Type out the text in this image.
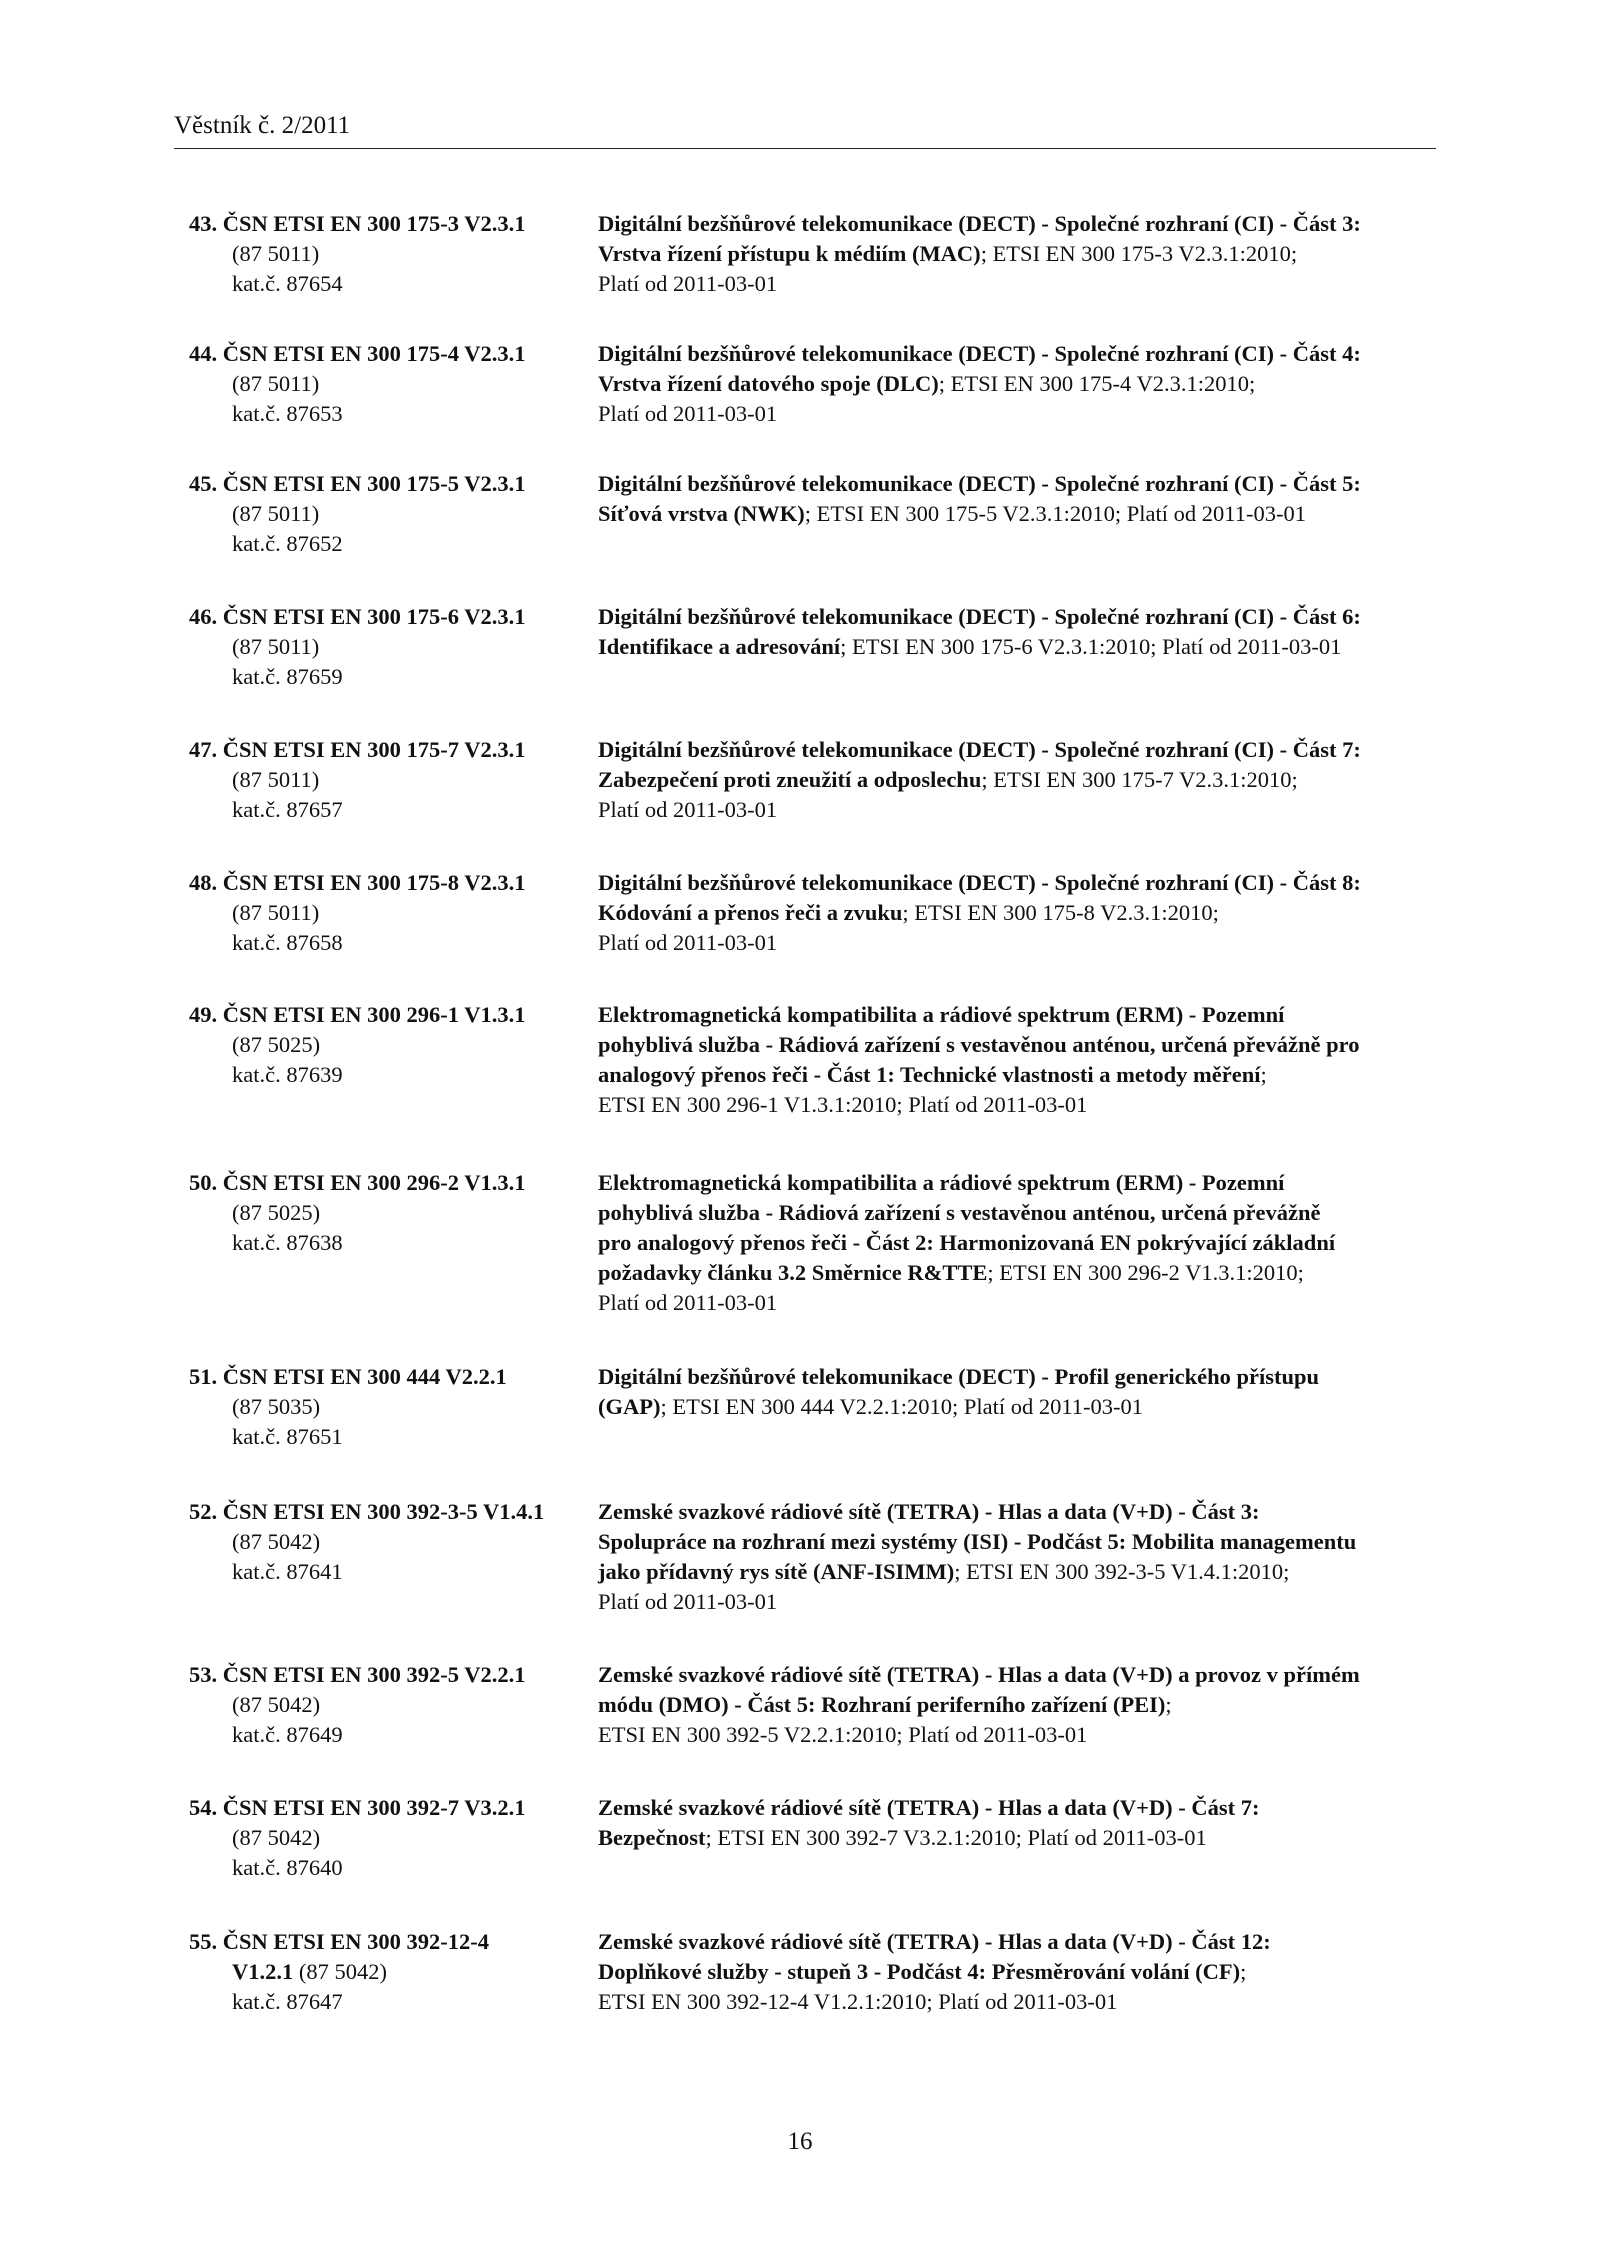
Věstník č. 2/2011
43. ČSN ETSI EN 300 175-3 V2.3.1
(87 5011)
kat.č. 87654
Digitální bezšňůrové telekomunikace (DECT) - Společné rozhraní (CI) - Část 3:
Vrstva řízení přístupu k médiím (MAC); ETSI EN 300 175-3 V2.3.1:2010;
Platí od 2011-03-01
44. ČSN ETSI EN 300 175-4 V2.3.1
(87 5011)
kat.č. 87653
Digitální bezšňůrové telekomunikace (DECT) - Společné rozhraní (CI) - Část 4:
Vrstva řízení datového spoje (DLC); ETSI EN 300 175-4 V2.3.1:2010;
Platí od 2011-03-01
45. ČSN ETSI EN 300 175-5 V2.3.1
(87 5011)
kat.č. 87652
Digitální bezšňůrové telekomunikace (DECT) - Společné rozhraní (CI) - Část 5:
Síťová vrstva (NWK); ETSI EN 300 175-5 V2.3.1:2010; Platí od 2011-03-01
46. ČSN ETSI EN 300 175-6 V2.3.1
(87 5011)
kat.č. 87659
Digitální bezšňůrové telekomunikace (DECT) - Společné rozhraní (CI) - Část 6:
Identifikace a adresování; ETSI EN 300 175-6 V2.3.1:2010; Platí od 2011-03-01
47. ČSN ETSI EN 300 175-7 V2.3.1
(87 5011)
kat.č. 87657
Digitální bezšňůrové telekomunikace (DECT) - Společné rozhraní (CI) - Část 7:
Zabezpečení proti zneužití a odposlechu; ETSI EN 300 175-7 V2.3.1:2010;
Platí od 2011-03-01
48. ČSN ETSI EN 300 175-8 V2.3.1
(87 5011)
kat.č. 87658
Digitální bezšňůrové telekomunikace (DECT) - Společné rozhraní (CI) - Část 8:
Kódování a přenos řeči a zvuku; ETSI EN 300 175-8 V2.3.1:2010;
Platí od 2011-03-01
49. ČSN ETSI EN 300 296-1 V1.3.1
(87 5025)
kat.č. 87639
Elektromagnetická kompatibilita a rádiové spektrum (ERM) - Pozemní
pohyblivá služba - Rádiová zařízení s vestavěnou anténou, určená převážně pro
analogový přenos řeči - Část 1: Technické vlastnosti a metody měření;
ETSI EN 300 296-1 V1.3.1:2010; Platí od 2011-03-01
50. ČSN ETSI EN 300 296-2 V1.3.1
(87 5025)
kat.č. 87638
Elektromagnetická kompatibilita a rádiové spektrum (ERM) - Pozemní
pohyblivá služba - Rádiová zařízení s vestavěnou anténou, určená převážně
pro analogový přenos řeči - Část 2: Harmonizovaná EN pokrývající základní
požadavky článku 3.2 Směrnice R&TTE; ETSI EN 300 296-2 V1.3.1:2010;
Platí od 2011-03-01
51. ČSN ETSI EN 300 444 V2.2.1
(87 5035)
kat.č. 87651
Digitální bezšňůrové telekomunikace (DECT) - Profil generického přístupu
(GAP); ETSI EN 300 444 V2.2.1:2010; Platí od 2011-03-01
52. ČSN ETSI EN 300 392-3-5 V1.4.1
(87 5042)
kat.č. 87641
Zemské svazkové rádiové sítě (TETRA) - Hlas a data (V+D) - Část 3:
Spolupráce na rozhraní mezi systémy (ISI) - Podčást 5: Mobilita managementu
jako přídavný rys sítě (ANF-ISIMM); ETSI EN 300 392-3-5 V1.4.1:2010;
Platí od 2011-03-01
53. ČSN ETSI EN 300 392-5 V2.2.1
(87 5042)
kat.č. 87649
Zemské svazkové rádiové sítě (TETRA) - Hlas a data (V+D) a provoz v přímém
módu (DMO) - Část 5: Rozhraní periferního zařízení (PEI);
ETSI EN 300 392-5 V2.2.1:2010; Platí od 2011-03-01
54. ČSN ETSI EN 300 392-7 V3.2.1
(87 5042)
kat.č. 87640
Zemské svazkové rádiové sítě (TETRA) - Hlas a data (V+D) - Část 7:
Bezpečnost; ETSI EN 300 392-7 V3.2.1:2010; Platí od 2011-03-01
55. ČSN ETSI EN 300 392-12-4
V1.2.1 (87 5042)
kat.č. 87647
Zemské svazkové rádiové sítě (TETRA) - Hlas a data (V+D) - Část 12:
Doplňkové služby - stupeň 3 - Podčást 4: Přesměrování volání (CF);
ETSI EN 300 392-12-4 V1.2.1:2010; Platí od 2011-03-01
16
